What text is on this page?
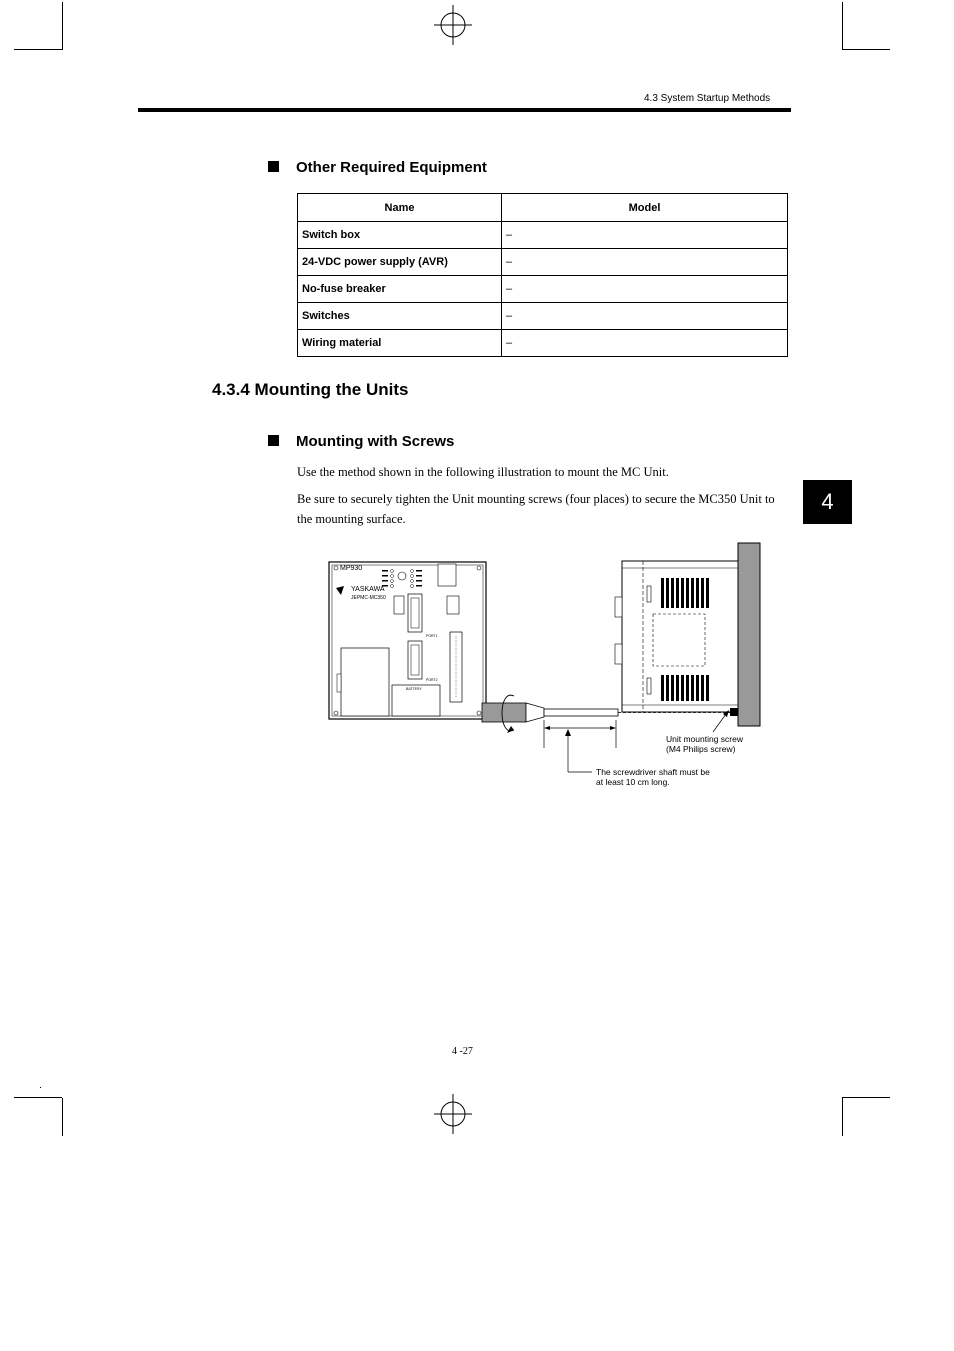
4.3 System Startup Methods
Other Required Equipment
Name	Model
Switch box	–
24-VDC power supply (AVR)	–
No-fuse breaker	–
Switches	–
Wiring material	–
4.3.4 Mounting the Units
Mounting with Screws
Use the method shown in the following illustration to mount the MC Unit.
Be sure to securely tighten the Unit mounting screws (four places) to secure the MC350 Unit to the mounting surface.
4
MP930
YASKAWA
JEPMC-MC350
PORT1
PORT2
BATTERY
Unit mounting screw
(M4 Philips screw)
The screwdriver shaft must be
at least 10 cm long.
4 -27
